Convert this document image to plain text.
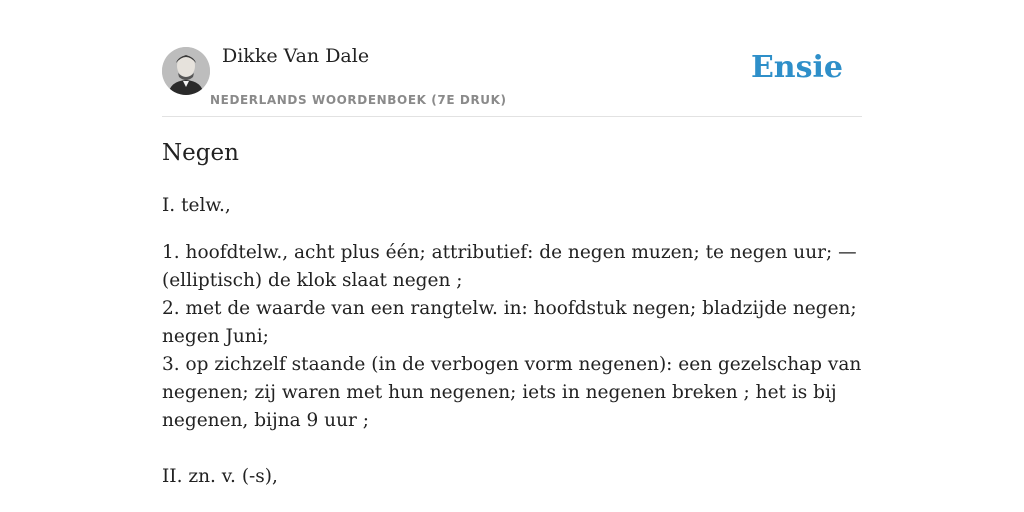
Dikke Van Dale
NEDERLANDS WOORDENBOEK (7E DRUK)
Ensie
Negen

I. telw.,

1. hoofdtelw., acht plus één; attributief: de negen muzen; te negen uur; — (elliptisch) de klok slaat negen ;
2. met de waarde van een rangtelw. in: hoofdstuk negen; bladzijde negen; negen Juni;
3. op zichzelf staande (in de verbogen vorm negenen): een gezelschap van negenen; zij waren met hun negenen; iets in negenen breken ; het is bij negenen, bijna 9 uur ;

II. zn. v. (-s),
